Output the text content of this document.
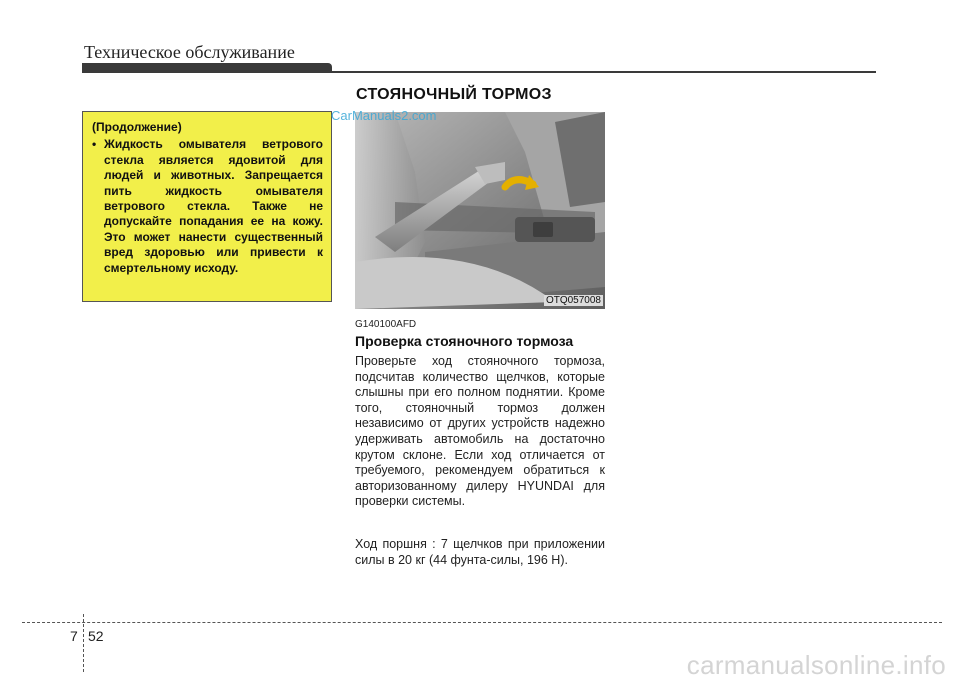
Техническое обслуживание
СТОЯНОЧНЫЙ ТОРМОЗ
(Продолжение)
• Жидкость омывателя ветрового стекла является ядовитой для людей и животных. Запрещается пить жидкость омывателя ветрового стекла. Также не допускайте попадания ее на кожу. Это может нанести существенный вред здоровью или привести к смертельному исходу.
OTQ057008
CarManuals2.com
G140100AFD
Проверка стояночного тормоза
Проверьте ход стояночного тормоза, подсчитав количество щелчков, которые слышны при его полном поднятии. Кроме того, стояночный тормоз должен независимо от других устройств надежно удерживать автомобиль на достаточно крутом склоне. Если ход отличается от требуемого, рекомендуем обратиться к авторизованному дилеру HYUNDAI для проверки системы.
Ход поршня : 7 щелчков при приложении силы в 20 кг (44 фунта-силы, 196 Н).
7 52
carmanualsonline.info
